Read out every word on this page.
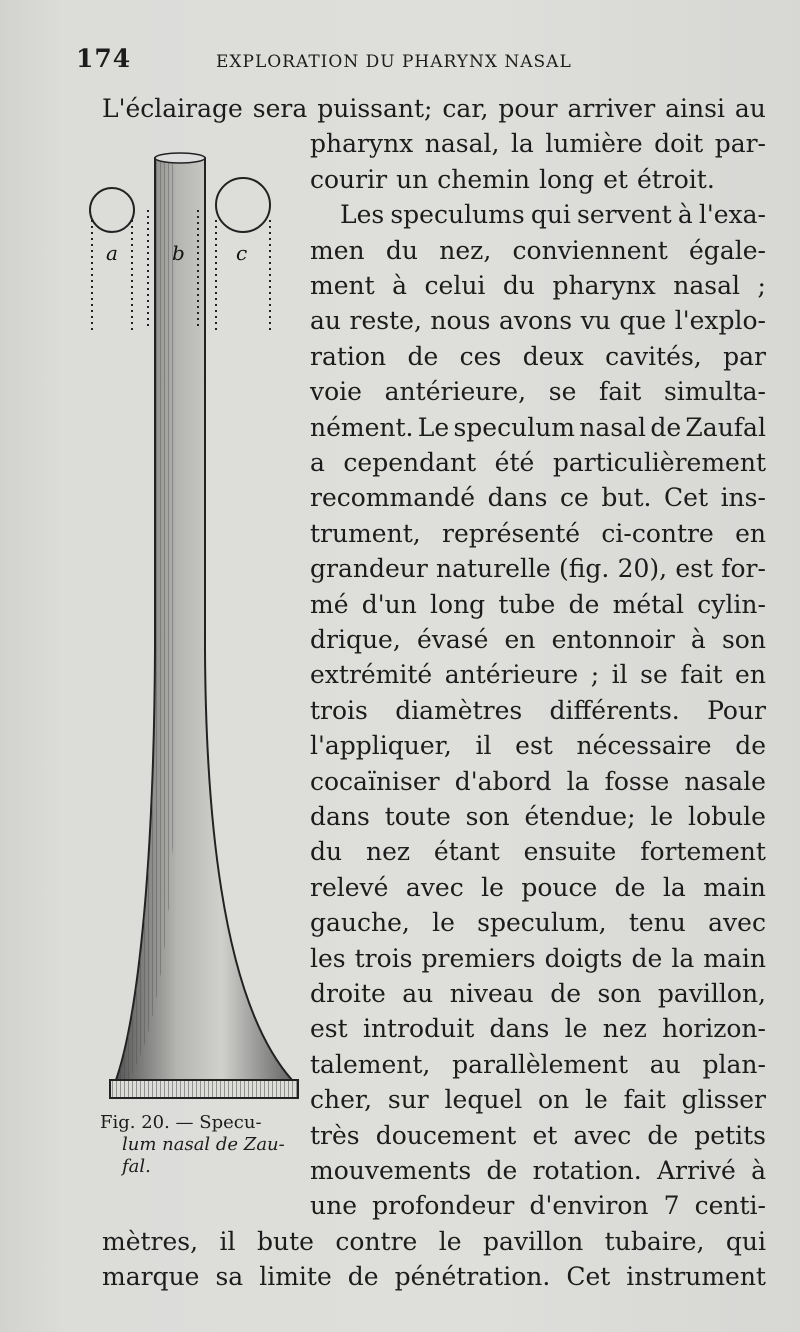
174	EXPLORATION DU PHARYNX NASAL
a	b	c
Fig. 20. — Specu-
lum nasal de Zau-
fal.
L'éclairage sera puissant; car, pour arriver ainsi au
pharynx nasal, la lumière doit par-
courir un chemin long et étroit.
Les speculums qui servent à l'exa-
men du nez, conviennent égale-
ment à celui du pharynx nasal ;
au reste, nous avons vu que l'explo-
ration de ces deux cavités, par
voie antérieure, se fait simulta-
nément. Le speculum nasal de Zaufal
a cependant été particulièrement
recommandé dans ce but. Cet ins-
trument, représenté ci-contre en
grandeur naturelle (fig. 20), est for-
mé d'un long tube de métal cylin-
drique, évasé en entonnoir à son
extrémité antérieure ; il se fait en
trois diamètres différents. Pour
l'appliquer, il est nécessaire de
cocaïniser d'abord la fosse nasale
dans toute son étendue; le lobule
du nez étant ensuite fortement
relevé avec le pouce de la main
gauche, le speculum, tenu avec
les trois premiers doigts de la main
droite au niveau de son pavillon,
est introduit dans le nez horizon-
talement, parallèlement au plan-
cher, sur lequel on le fait glisser
très doucement et avec de petits
mouvements de rotation. Arrivé à
une profondeur d'environ 7 centi-
mètres, il bute contre le pavillon tubaire, qui
marque sa limite de pénétration. Cet instrument
